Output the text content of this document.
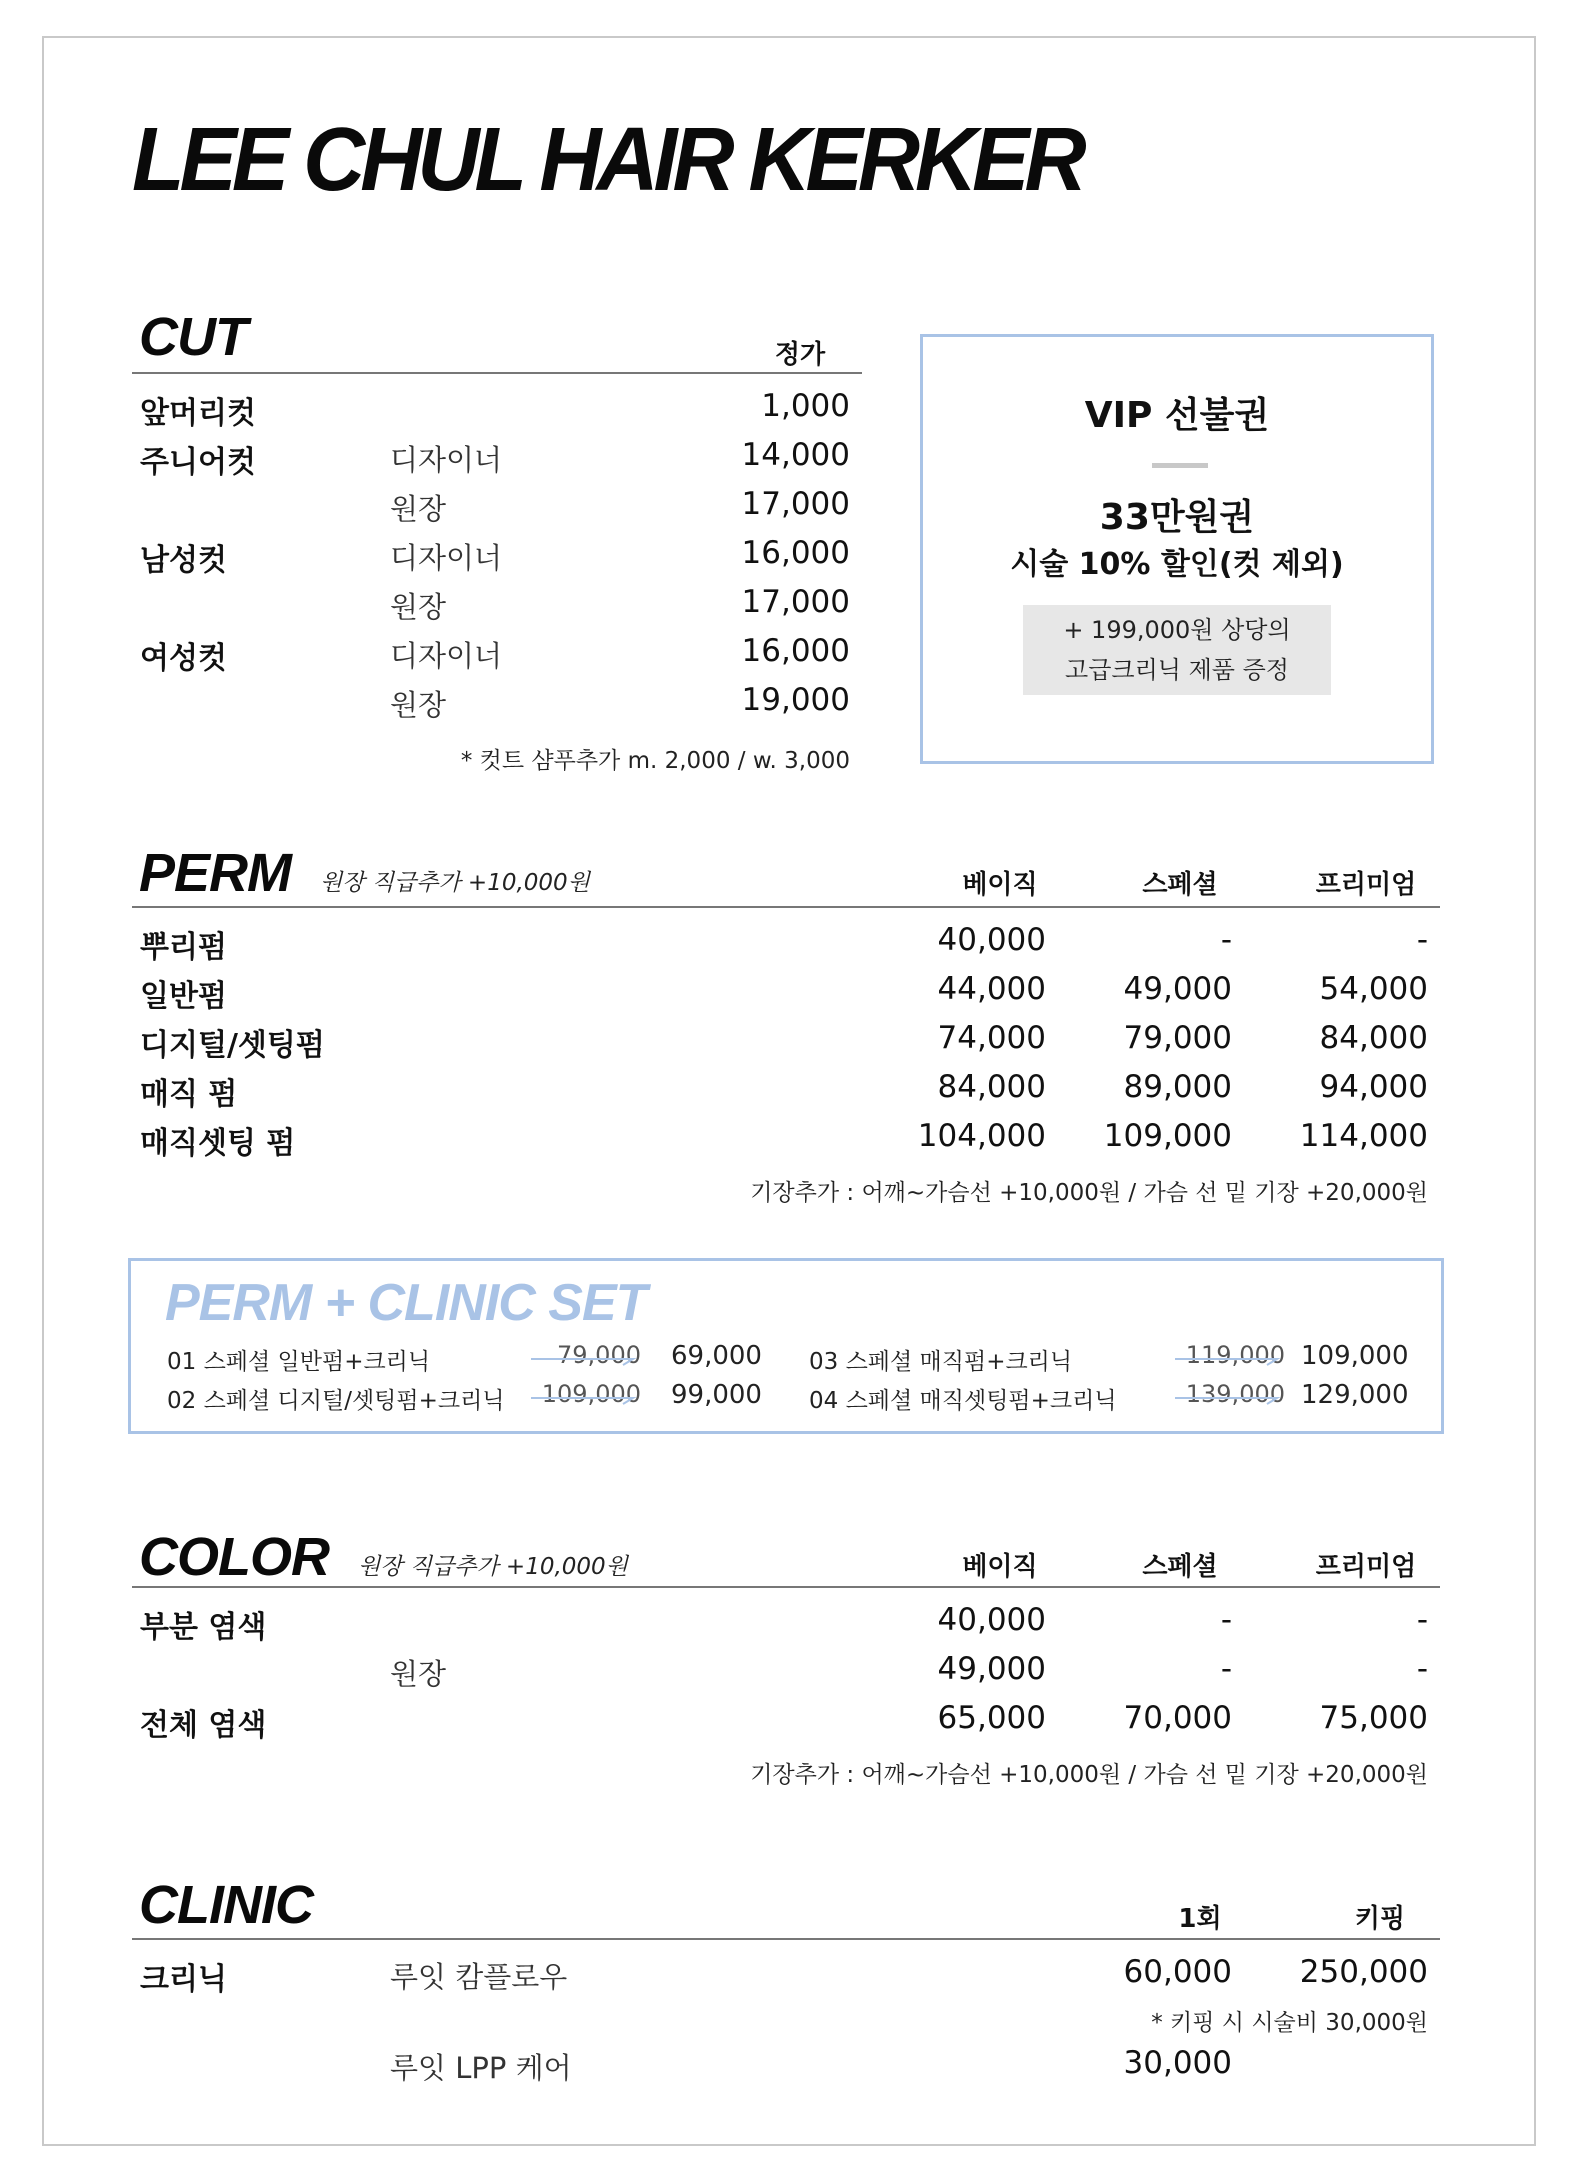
LEE CHUL HAIR KERKER
CUT	정가
앞머리컷	1,000
주니어컷	디자이너	14,000
원장	17,000
남성컷	디자이너	16,000
원장	17,000
여성컷	디자이너	16,000
원장	19,000
* 컷트 샴푸추가 m. 2,000 / w. 3,000
VIP 선불권
33만원권
시술 10% 할인(컷 제외)
+ 199,000원 상당의
고급크리닉 제품 증정
PERM 원장 직급추가 +10,000원	베이직	스페셜	프리미엄
뿌리펌	40,000	-	-
일반펌	44,000	49,000	54,000
디지털/셋팅펌	74,000	79,000	84,000
매직 펌	84,000	89,000	94,000
매직셋팅 펌	104,000	109,000	114,000
기장추가 : 어깨~가슴선 +10,000원 / 가슴 선 밑 기장 +20,000원
PERM + CLINIC SET
01 스페셜 일반펌+크리닉	79,000 69,000
02 스페셜 디지털/셋팅펌+크리닉	109,000 99,000
03 스페셜 매직펌+크리닉	119,000 109,000
04 스페셜 매직셋팅펌+크리닉	139,000 129,000
COLOR 원장 직급추가 +10,000원	베이직	스페셜	프리미엄
부분 염색	40,000	-	-
원장	49,000	-	-
전체 염색	65,000	70,000	75,000
기장추가 : 어깨~가슴선 +10,000원 / 가슴 선 밑 기장 +20,000원
CLINIC	1회	키핑
크리닉	루잇 캄플로우	60,000	250,000
* 키핑 시 시술비 30,000원
루잇 LPP 케어	30,000
